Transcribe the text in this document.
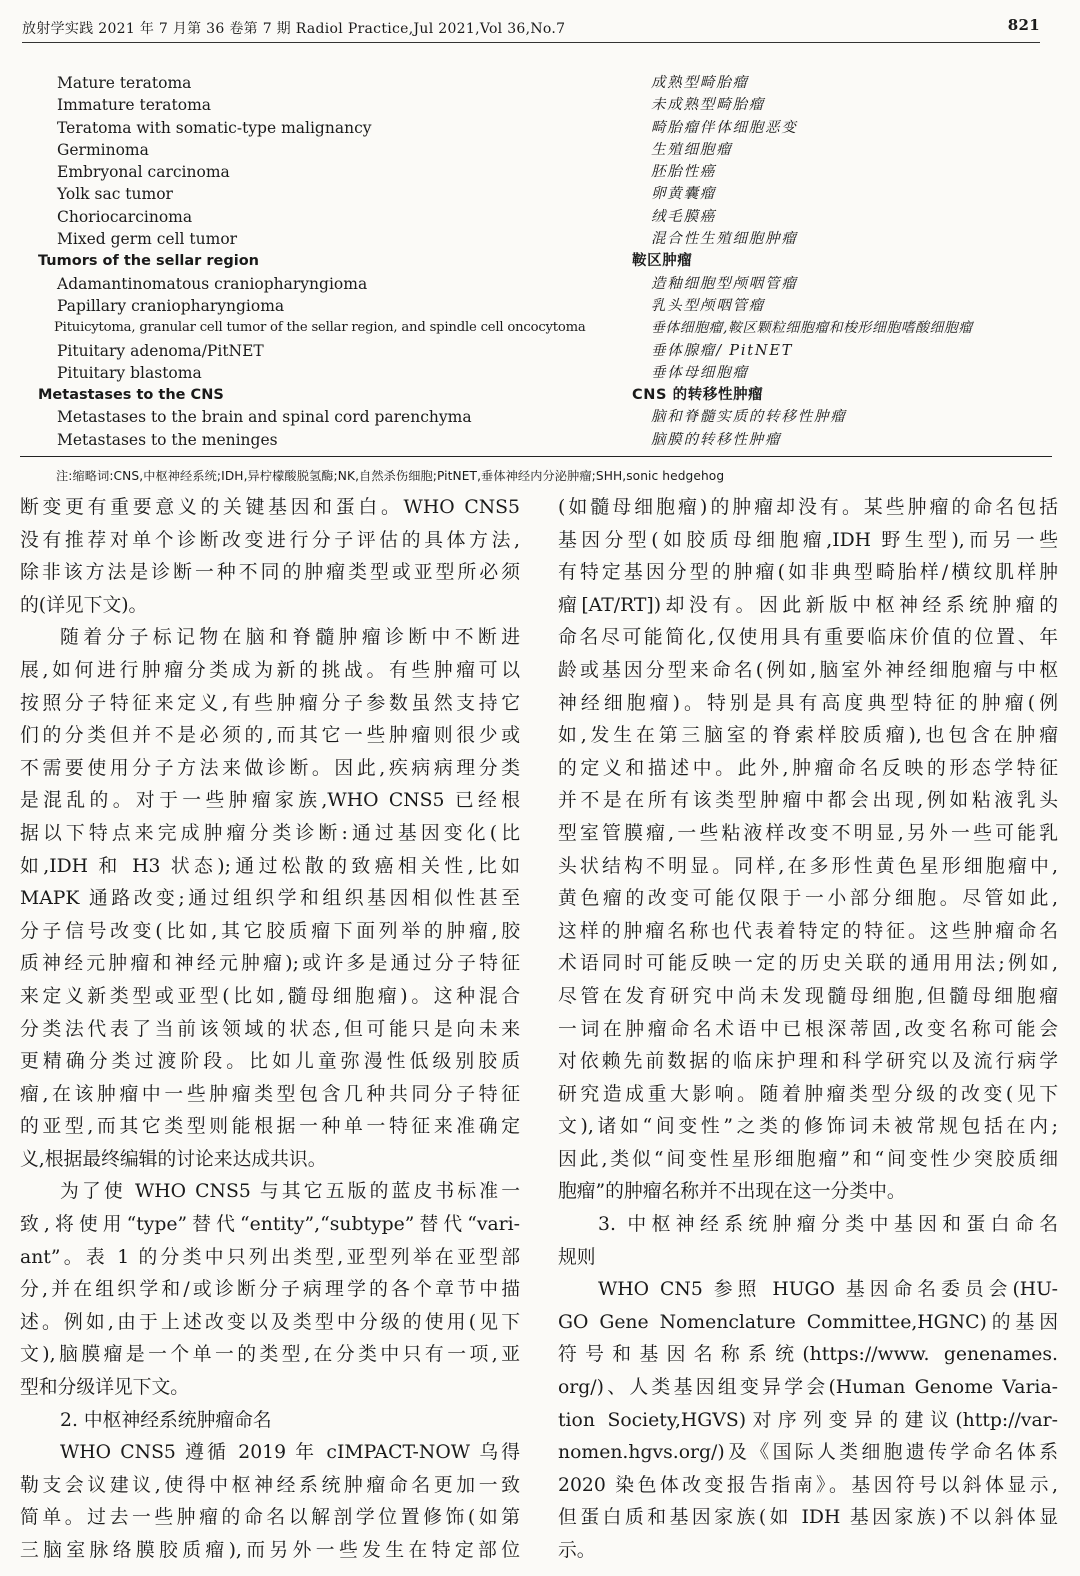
放射学实践 2021 年 7 月第 36 卷第 7 期 Radiol Practice,Jul 2021,Vol 36,No.7	821
Mature teratoma	成熟型畸胎瘤
Immature teratoma	未成熟型畸胎瘤
Teratoma with somatic-type malignancy	畸胎瘤伴体细胞恶变
Germinoma	生殖细胞瘤
Embryonal carcinoma	胚胎性癌
Yolk sac tumor	卵黄囊瘤
Choriocarcinoma	绒毛膜癌
Mixed germ cell tumor	混合性生殖细胞肿瘤
Tumors of the sellar region	鞍区肿瘤
Adamantinomatous craniopharyngioma	造釉细胞型颅咽管瘤
Papillary craniopharyngioma	乳头型颅咽管瘤
Pituicytoma, granular cell tumor of the sellar region, and spindle cell oncocytoma	垂体细胞瘤,鞍区颗粒细胞瘤和梭形细胞嗜酸细胞瘤
Pituitary adenoma/PitNET	垂体腺瘤/ PitNET
Pituitary blastoma	垂体母细胞瘤
Metastases to the CNS	CNS 的转移性肿瘤
Metastases to the brain and spinal cord parenchyma	脑和脊髓实质的转移性肿瘤
Metastases to the meninges	脑膜的转移性肿瘤
注:缩略词:CNS,中枢神经系统;IDH,异柠檬酸脱氢酶;NK,自然杀伤细胞;PitNET,垂体神经内分泌肿瘤;SHH,sonic hedgehog
断变更有重要意义的关键基因和蛋白。WHO CNS5
没有推荐对单个诊断改变进行分子评估的具体方法,
除非该方法是诊断一种不同的肿瘤类型或亚型所必须
的(详见下文)。
随着分子标记物在脑和脊髓肿瘤诊断中不断进
展,如何进行肿瘤分类成为新的挑战。有些肿瘤可以
按照分子特征来定义,有些肿瘤分子参数虽然支持它
们的分类但并不是必须的,而其它一些肿瘤则很少或
不需要使用分子方法来做诊断。因此,疾病病理分类
是混乱的。对于一些肿瘤家族,WHO CNS5 已经根
据以下特点来完成肿瘤分类诊断:通过基因变化(比
如,IDH 和 H3 状态);通过松散的致癌相关性,比如
MAPK 通路改变;通过组织学和组织基因相似性甚至
分子信号改变(比如,其它胶质瘤下面列举的肿瘤,胶
质神经元肿瘤和神经元肿瘤);或许多是通过分子特征
来定义新类型或亚型(比如,髓母细胞瘤)。这种混合
分类法代表了当前该领域的状态,但可能只是向未来
更精确分类过渡阶段。比如儿童弥漫性低级别胶质
瘤,在该肿瘤中一些肿瘤类型包含几种共同分子特征
的亚型,而其它类型则能根据一种单一特征来准确定
义,根据最终编辑的讨论来达成共识。
为了使 WHO CNS5 与其它五版的蓝皮书标准一
致,将使用“type”替代“entity”,“subtype”替代“vari-
ant”。表 1 的分类中只列出类型,亚型列举在亚型部
分,并在组织学和/或诊断分子病理学的各个章节中描
述。例如,由于上述改变以及类型中分级的使用(见下
文),脑膜瘤是一个单一的类型,在分类中只有一项,亚
型和分级详见下文。
2. 中枢神经系统肿瘤命名
WHO CNS5 遵循 2019 年 cIMPACT-NOW 乌得
勒支会议建议,使得中枢神经系统肿瘤命名更加一致
简单。过去一些肿瘤的命名以解剖学位置修饰(如第
三脑室脉络膜胶质瘤),而另外一些发生在特定部位
(如髓母细胞瘤)的肿瘤却没有。某些肿瘤的命名包括
基因分型(如胶质母细胞瘤,IDH 野生型),而另一些
有特定基因分型的肿瘤(如非典型畸胎样/横纹肌样肿
瘤[AT/RT])却没有。因此新版中枢神经系统肿瘤的
命名尽可能简化,仅使用具有重要临床价值的位置、年
龄或基因分型来命名(例如,脑室外神经细胞瘤与中枢
神经细胞瘤)。特别是具有高度典型特征的肿瘤(例
如,发生在第三脑室的脊索样胶质瘤),也包含在肿瘤
的定义和描述中。此外,肿瘤命名反映的形态学特征
并不是在所有该类型肿瘤中都会出现,例如粘液乳头
型室管膜瘤,一些粘液样改变不明显,另外一些可能乳
头状结构不明显。同样,在多形性黄色星形细胞瘤中,
黄色瘤的改变可能仅限于一小部分细胞。尽管如此,
这样的肿瘤名称也代表着特定的特征。这些肿瘤命名
术语同时可能反映一定的历史关联的通用用法;例如,
尽管在发育研究中尚未发现髓母细胞,但髓母细胞瘤
一词在肿瘤命名术语中已根深蒂固,改变名称可能会
对依赖先前数据的临床护理和科学研究以及流行病学
研究造成重大影响。随着肿瘤类型分级的改变(见下
文),诸如“间变性”之类的修饰词未被常规包括在内;
因此,类似“间变性星形细胞瘤”和“间变性少突胶质细
胞瘤”的肿瘤名称并不出现在这一分类中。
3. 中枢神经系统肿瘤分类中基因和蛋白命名
规则
WHO CN5 参照 HUGO 基因命名委员会(HU-
GO Gene Nomenclature Committee,HGNC)的基因
符号和基因名称系统(https://www. genenames.
org/)、人类基因组变异学会(Human Genome Varia-
tion Society,HGVS)对序列变异的建议(http://var-
nomen.hgvs.org/)及《国际人类细胞遗传学命名体系
2020 染色体改变报告指南》。基因符号以斜体显示,
但蛋白质和基因家族(如 IDH 基因家族)不以斜体显
示。
